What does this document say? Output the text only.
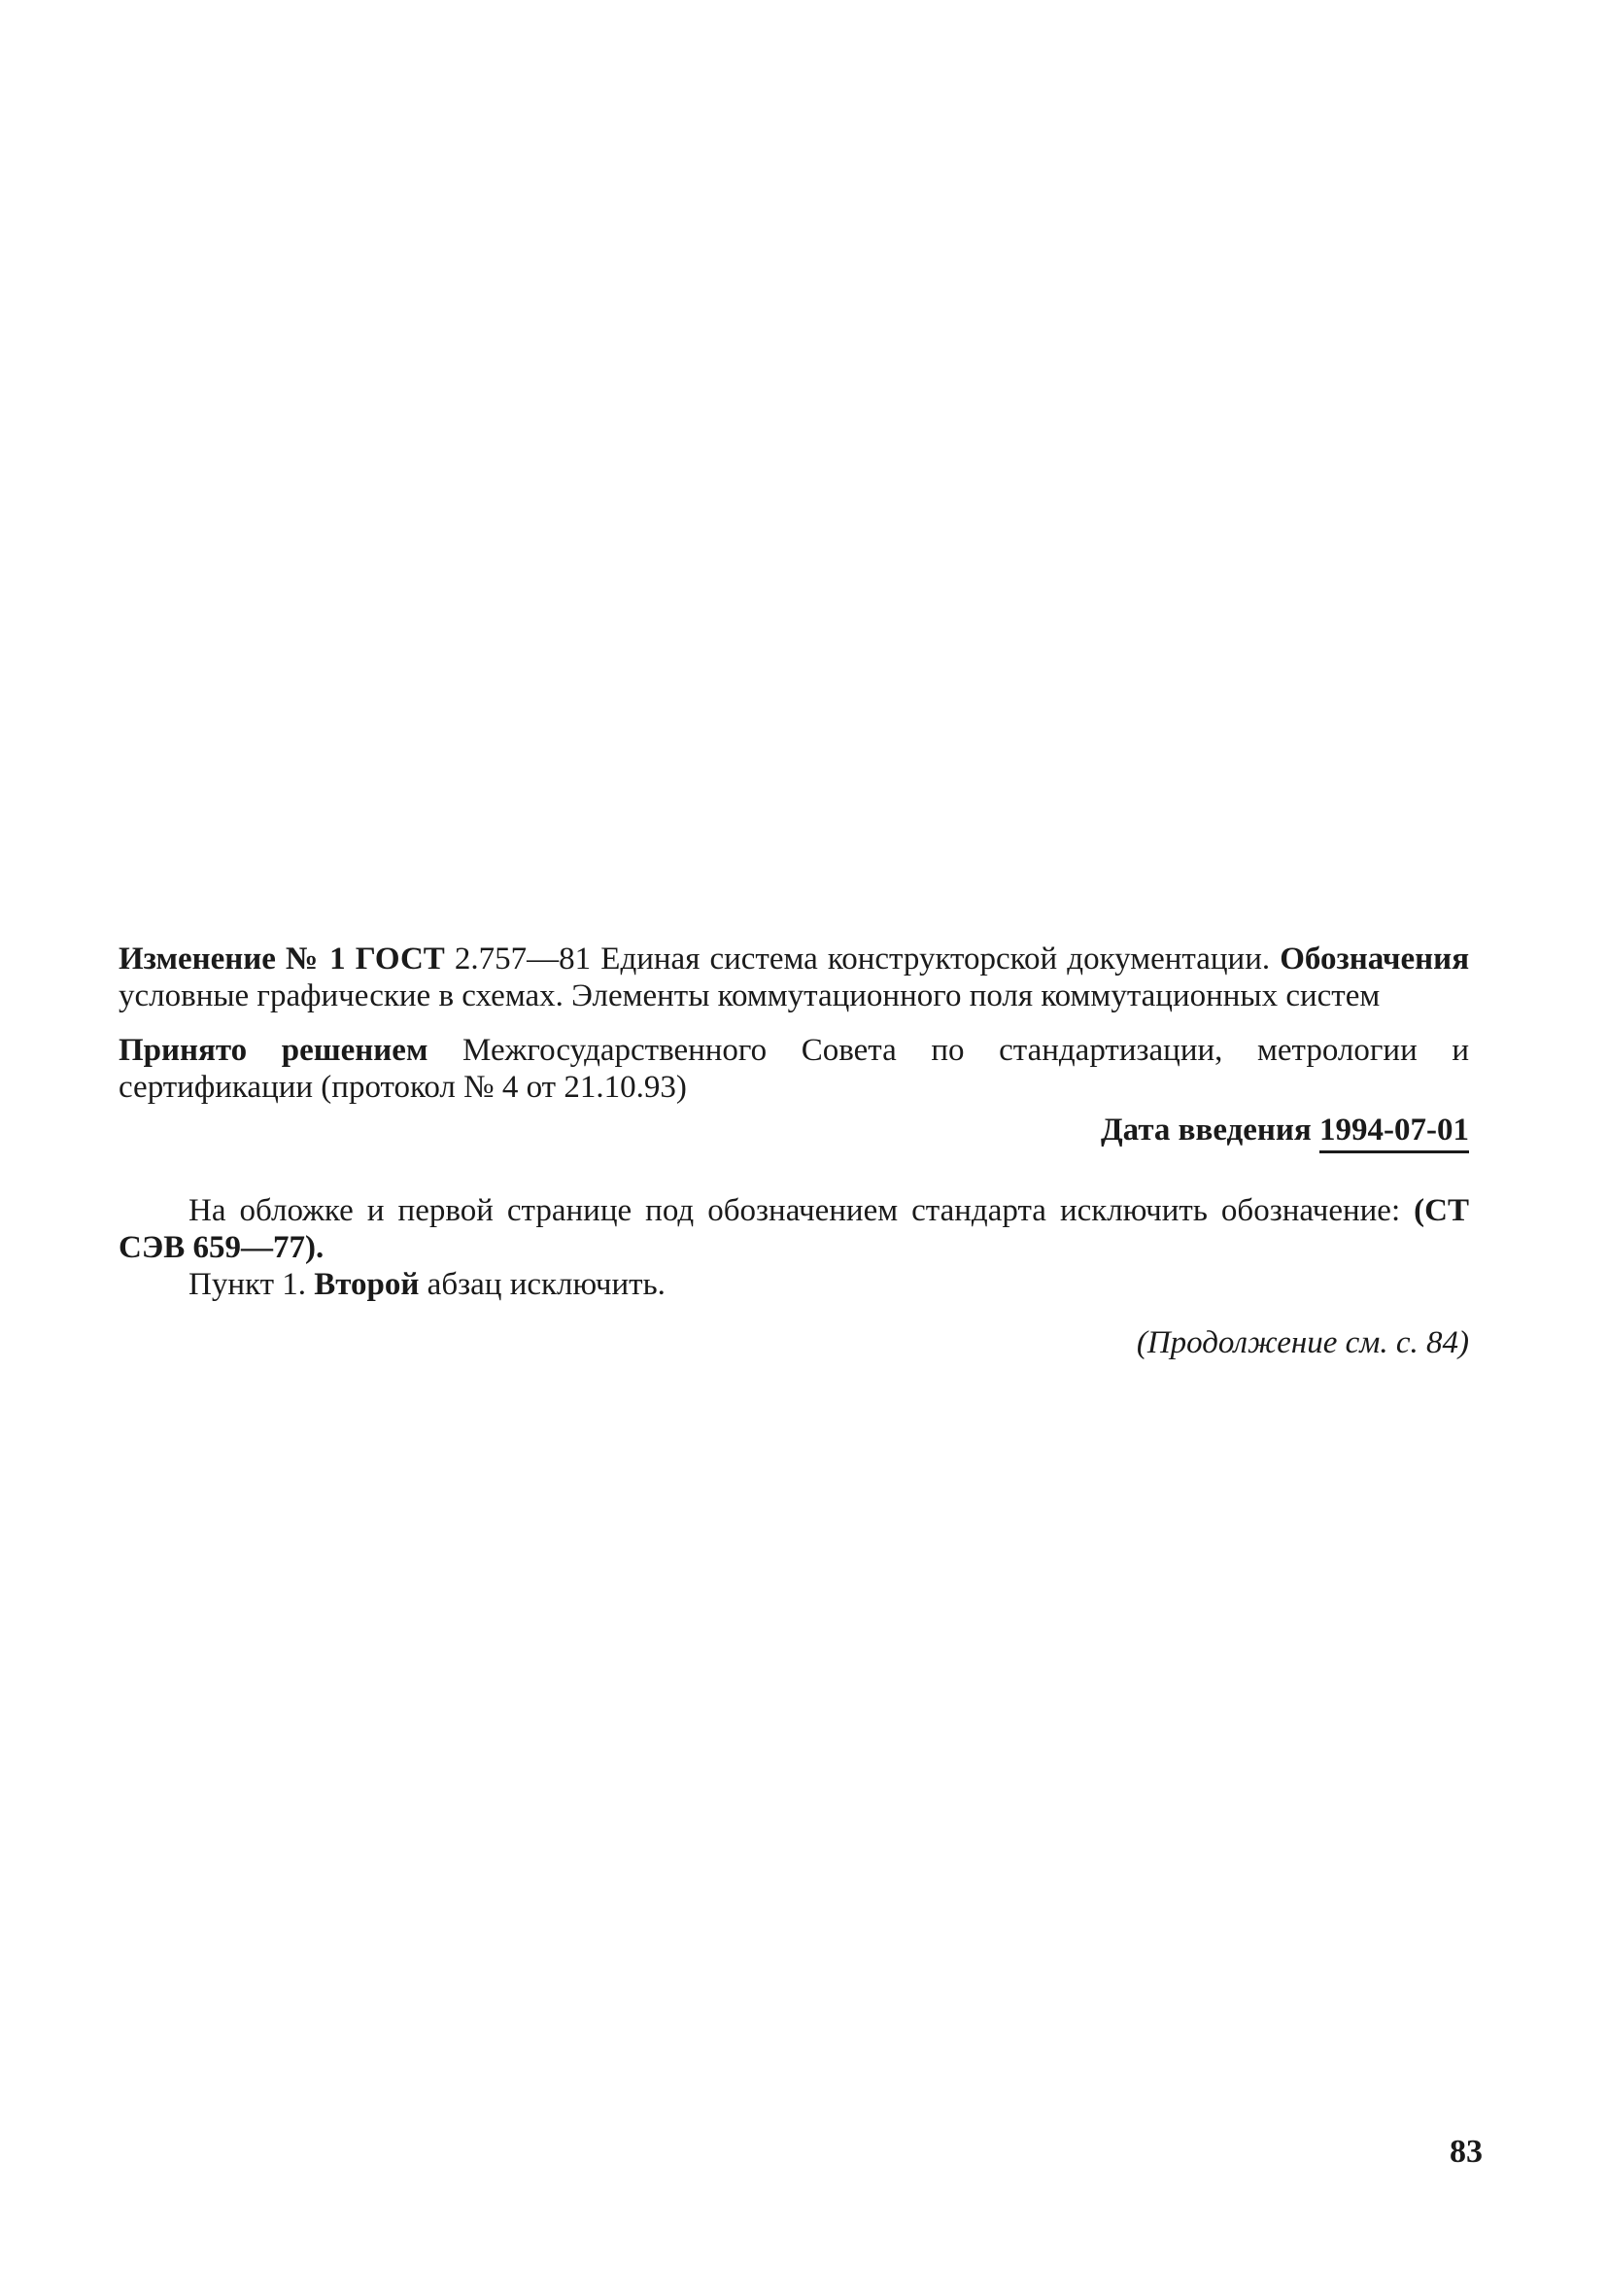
Изменение № 1 ГОСТ 2.757—81 Единая система конструкторской документации. Обозначения условные графические в схемах. Элементы коммутационного поля коммутационных систем

Принято решением Межгосударственного Совета по стандартизации, метрологии и сертификации (протокол № 4 от 21.10.93)

Дата введения 1994-07-01

На обложке и первой странице под обозначением стандарта исключить обозначение: (СТ СЭВ 659—77).

Пункт 1. Второй абзац исключить.

(Продолжение см. с. 84)

83
